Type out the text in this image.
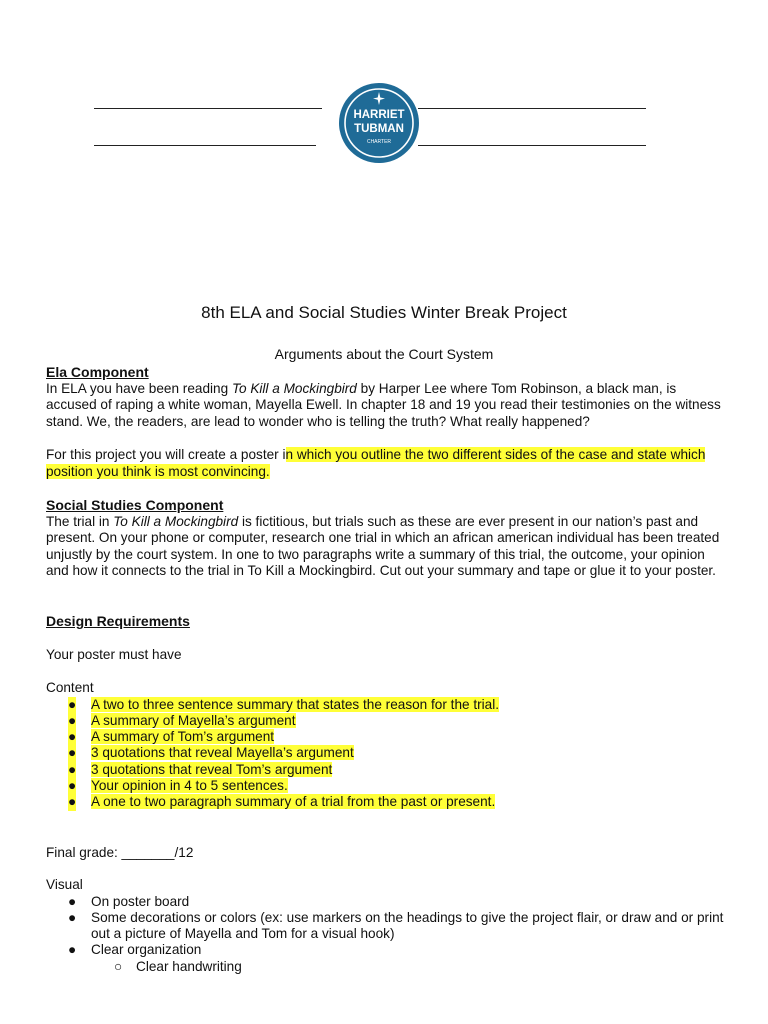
HARRIET
TUBMAN
CHARTER
8th ELA and Social Studies Winter Break Project
Arguments about the Court System
Ela Component
In ELA you have been reading To Kill a Mockingbird by Harper Lee where Tom Robinson, a black man, is accused of raping a white woman, Mayella Ewell. In chapter 18 and 19 you read their testimonies on the witness stand. We, the readers, are lead to wonder who is telling the truth? What really happened?
For this project you will create a poster in which you outline the two different sides of the case and state which position you think is most convincing.
Social Studies Component
The trial in To Kill a Mockingbird is fictitious, but trials such as these are ever present in our nation’s past and present. On your phone or computer, research one trial in which an african american individual has been treated unjustly by the court system. In one to two paragraphs write a summary of this trial, the outcome, your opinion and how it connects to the trial in To Kill a Mockingbird. Cut out your summary and tape or glue it to your poster.
Design Requirements
Your poster must have
Content
● A two to three sentence summary that states the reason for the trial.
● A summary of Mayella’s argument
● A summary of Tom’s argument
● 3 quotations that reveal Mayella’s argument
● 3 quotations that reveal Tom’s argument
● Your opinion in 4 to 5 sentences.
● A one to two paragraph summary of a trial from the past or present.
Final grade: _______/12
Visual
● On poster board
● Some decorations or colors (ex: use markers on the headings to give the project flair, or draw and or print out a picture of Mayella and Tom for a visual hook)
● Clear organization
○ Clear handwriting
